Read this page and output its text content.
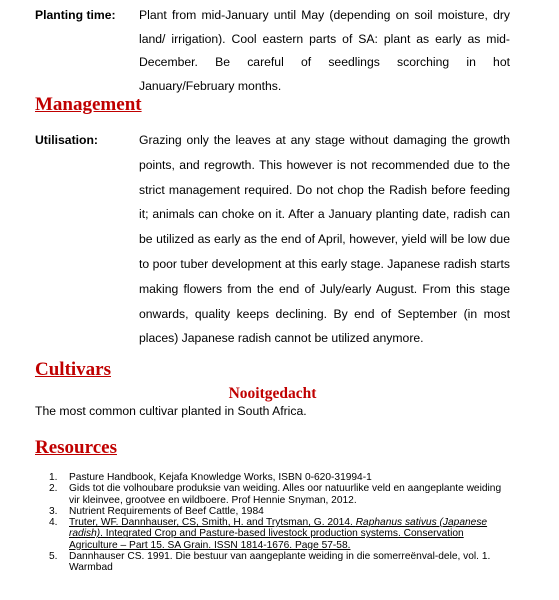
Planting time: Plant from mid-January until May (depending on soil moisture, dry land/ irrigation). Cool eastern parts of SA: plant as early as mid-December. Be careful of seedlings scorching in hot January/February months.
Management
Utilisation:	Grazing only the leaves at any stage without damaging the growth points, and regrowth. This however is not recommended due to the strict management required. Do not chop the Radish before feeding it; animals can choke on it. After a January planting date, radish can be utilized as early as the end of April, however, yield will be low due to poor tuber development at this early stage. Japanese radish starts making flowers from the end of July/early August. From this stage onwards, quality keeps declining. By end of September (in most places) Japanese radish cannot be utilized anymore.
Cultivars
Nooitgedacht
The most common cultivar planted in South Africa.
Resources
1. Pasture Handbook, Kejafa Knowledge Works, ISBN 0-620-31994-1
2. Gids tot die volhoubare produksie van weiding. Alles oor natuurlike veld en aangeplante weiding vir kleinvee, grootvee en wildboere. Prof Hennie Snyman, 2012.
3. Nutrient Requirements of Beef Cattle, 1984
4. Truter, WF. Dannhauser, CS, Smith, H. and Trytsman, G. 2014. Raphanus sativus (Japanese radish). Integrated Crop and Pasture-based livestock production systems. Conservation Agriculture – Part 15. SA Grain. ISSN 1814-1676. Page 57-58.
5. Dannhauser CS. 1991. Die bestuur van aangeplante weiding in die somerreënval-dele, vol. 1. Warmbad
